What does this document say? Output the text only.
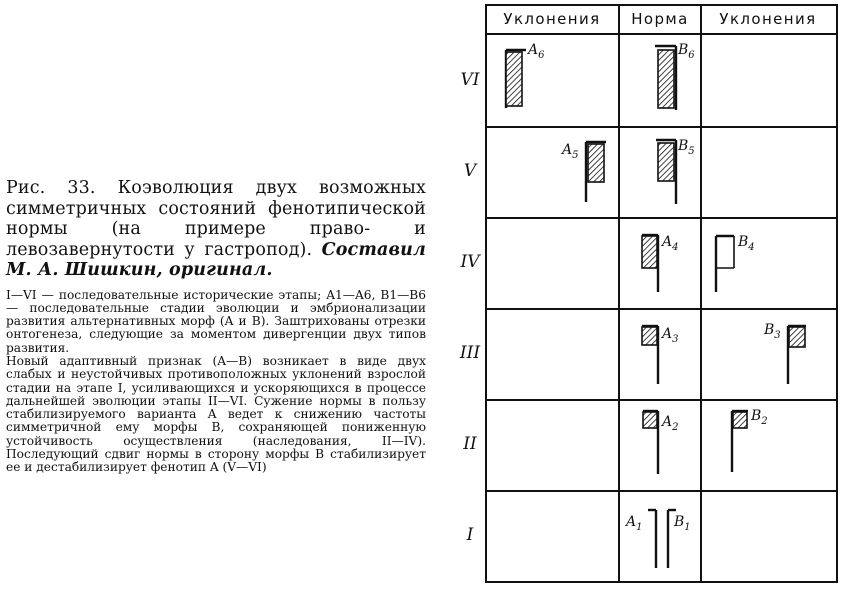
Рис. 33. Коэволюция двух возможных симметричных состояний фенотипической нормы (на примере право- и левозавернутости у гастропод). Составил М. А. Шишкин, оригинал.

I—VI — последовательные исторические этапы; A1—A6, B1—B6 — последовательные стадии эволюции и эмбрионализации развития альтернативных морф (A и B). Заштрихованы отрезки онтогенеза, следующие за моментом дивергенции двух типов развития.

Новый адаптивный признак (A—B) возникает в виде двух слабых и неустойчивых противоположных уклонений взрослой стадии на этапе I, усиливающихся и ускоряющихся в процессе дальнейшей эволюции этапы II—VI. Сужение нормы в пользу стабилизируемого варианта A ведет к снижению частоты симметричной ему морфы B, сохраняющей пониженную устойчивость осуществления (наследования, II—IV). Последующий сдвиг нормы в сторону морфы B стабилизирует ее и дестабилизирует фенотип A (V—VI)

Уклонения Норма Уклонения
VI
V
IV
III
II
I
$A_6$	$B_6$
$A_5$
$B_5$
$A_4$	$B_4$
$A_3$
$B_3$
$A_2$
$B_2$
$A_1$ $B_1$
